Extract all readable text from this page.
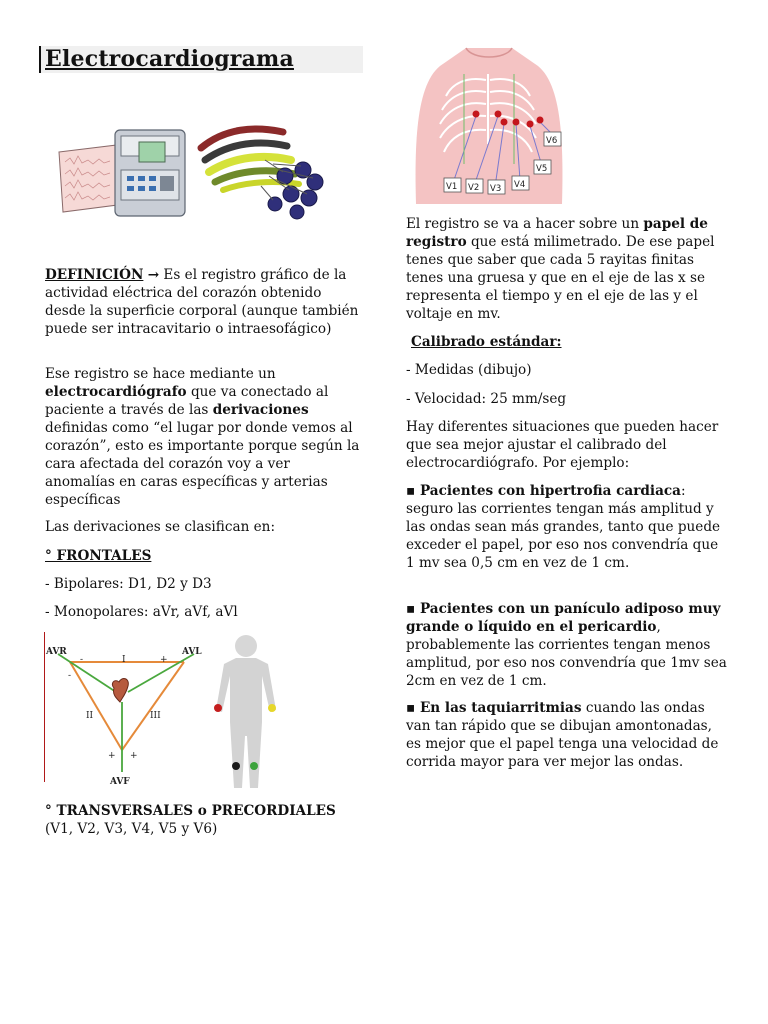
Electrocardiograma

DEFINICIÓN → Es el registro gráfico de la actividad eléctrica del corazón obtenido desde la superficie corporal (aunque también puede ser intracavitario o intraesofágico)

Ese registro se hace mediante un electrocardiógrafo que va conectado al paciente a través de las derivaciones definidas como “el lugar por donde vemos al corazón”, esto es importante porque según la cara afectada del corazón voy a ver anomalías en caras específicas y arterias específicas

Las derivaciones se clasifican en:

° FRONTALES

- Bipolares: D1, D2 y D3

- Monopolares: aVr, aVf, aVl

AVR	AVL
AVF
I
II	III
-	+
-
+ +

° TRANSVERSALES o PRECORDIALES
(V1, V2, V3, V4, V5 y V6)

V1 V2 V3 V4
V5
V6

El registro se va a hacer sobre un papel de registro que está milimetrado. De ese papel tenes que saber que cada 5 rayitas finitas tenes una gruesa y que en el eje de las x se representa el tiempo y en el eje de las y el voltaje en mv.

Calibrado estándar:

- Medidas (dibujo)

- Velocidad: 25 mm/seg

Hay diferentes situaciones que pueden hacer que sea mejor ajustar el calibrado del electrocardiógrafo. Por ejemplo:

▪ Pacientes con hipertrofia cardiaca: seguro las corrientes tengan más amplitud y las ondas sean más grandes, tanto que puede exceder el papel, por eso nos convendría que 1 mv sea 0,5 cm en vez de 1 cm.

▪ Pacientes con un panículo adiposo muy grande o líquido en el pericardio, probablemente las corrientes tengan menos amplitud, por eso nos convendría que 1mv sea 2cm en vez de 1 cm.

▪ En las taquiarritmias cuando las ondas van tan rápido que se dibujan amontonadas, es mejor que el papel tenga una velocidad de corrida mayor para ver mejor las ondas.
